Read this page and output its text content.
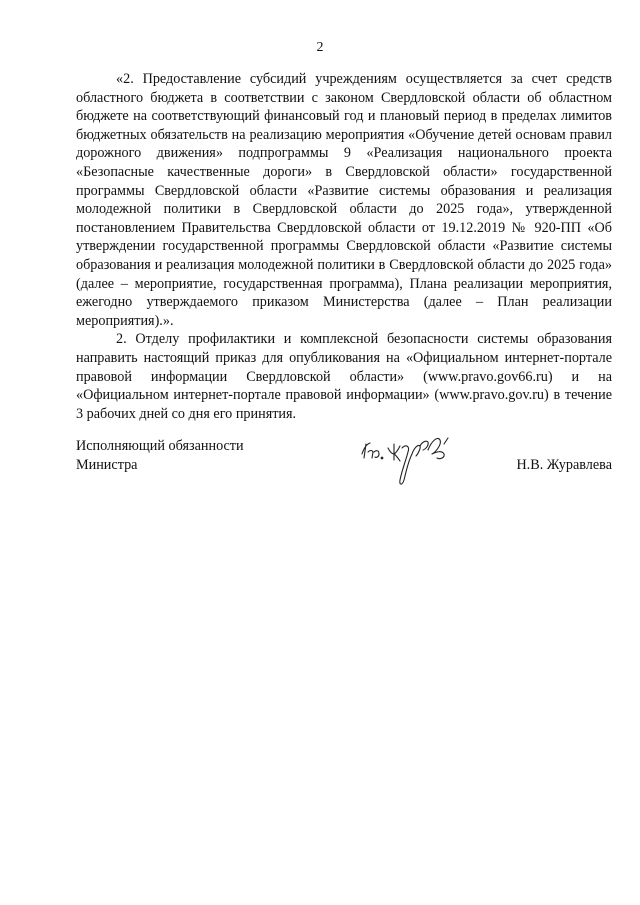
2

«2. Предоставление субсидий учреждениям осуществляется за счет средств областного бюджета в соответствии с законом Свердловской области об областном бюджете на соответствующий финансовый год и плановый период в пределах лимитов бюджетных обязательств на реализацию мероприятия «Обучение детей основам правил дорожного движения» подпрограммы 9 «Реализация национального проекта «Безопасные качественные дороги» в Свердловской области» государственной программы Свердловской области «Развитие системы образования и реализация молодежной политики в Свердловской области до 2025 года», утвержденной постановлением Правительства Свердловской области от 19.12.2019 № 920-ПП «Об утверждении государственной программы Свердловской области «Развитие системы образования и реализация молодежной политики в Свердловской области до 2025 года» (далее – мероприятие, государственная программа), Плана реализации мероприятия, ежегодно утверждаемого приказом Министерства (далее – План реализации мероприятия).».

2. Отделу профилактики и комплексной безопасности системы образования направить настоящий приказ для опубликования на «Официальном интернет-портале правовой информации Свердловской области» (www.pravo.gov66.ru) и на «Официальном интернет-портале правовой информации» (www.pravo.gov.ru) в течение 3 рабочих дней со дня его принятия.

Исполняющий обязанности
Министра	Н.В. Журавлева
